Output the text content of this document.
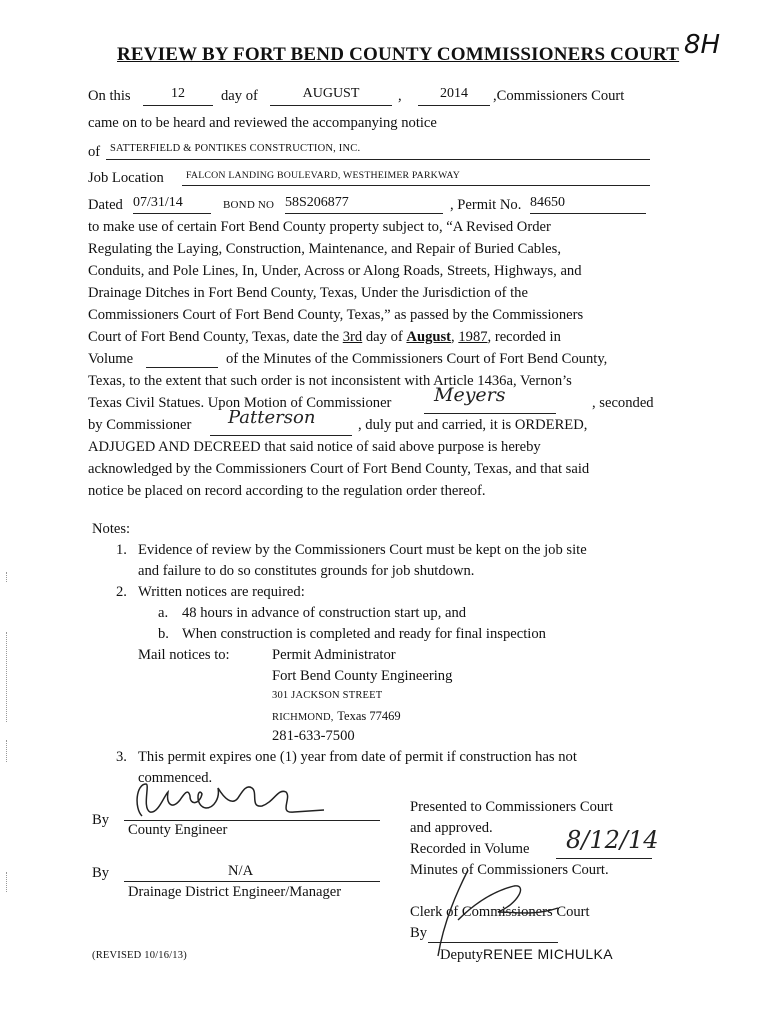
REVIEW BY FORT BEND COUNTY COMMISSIONERS COURT 8H
On this	12	day of	AUGUST	,	2014	,Commissioners Court
came on to be heard and reviewed the accompanying notice
of SATTERFIELD & PONTIKES CONSTRUCTION, INC.
Job Location	FALCON LANDING BOULEVARD, WESTHEIMER PARKWAY
Dated 07/31/14	BOND NO 58S206877	, Permit No. 84650
to make use of certain Fort Bend County property subject to, “A Revised Order
Regulating the Laying, Construction, Maintenance, and Repair of Buried Cables,
Conduits, and Pole Lines, In, Under, Across or Along Roads, Streets, Highways, and
Drainage Ditches in Fort Bend County, Texas, Under the Jurisdiction of the
Commissioners Court of Fort Bend County, Texas,” as passed by the Commissioners
Court of Fort Bend County, Texas, date the 3rd day of August, 1987, recorded in
Volume	of the Minutes of the Commissioners Court of Fort Bend County,
Texas, to the extent that such order is not inconsistent with Article 1436a, Vernon’s
Texas Civil Statues. Upon Motion of Commissioner Meyers	, seconded
by Commissioner Patterson	, duly put and carried, it is ORDERED,
ADJUGED AND DECREED that said notice of said above purpose is hereby
acknowledged by the Commissioners Court of Fort Bend County, Texas, and that said
notice be placed on record according to the regulation order thereof.
Notes:
1. Evidence of review by the Commissioners Court must be kept on the job site
and failure to do so constitutes grounds for job shutdown.
2. Written notices are required:
a. 48 hours in advance of construction start up, and
b. When construction is completed and ready for final inspection
Mail notices to:	Permit Administrator
Fort Bend County Engineering
301 JACKSON STREET
RICHMOND, Texas 77469
281-633-7500
3. This permit expires one (1) year from date of permit if construction has not
commenced.
By
County Engineer
By	N/A
Drainage District Engineer/Manager
Presented to Commissioners Court
and approved.
Recorded in Volume 8/12/14
Minutes of Commissioners Court.
Clerk of Commissioners Court
By
DeputyRENEE MICHULKA
(REVISED 10/16/13)
